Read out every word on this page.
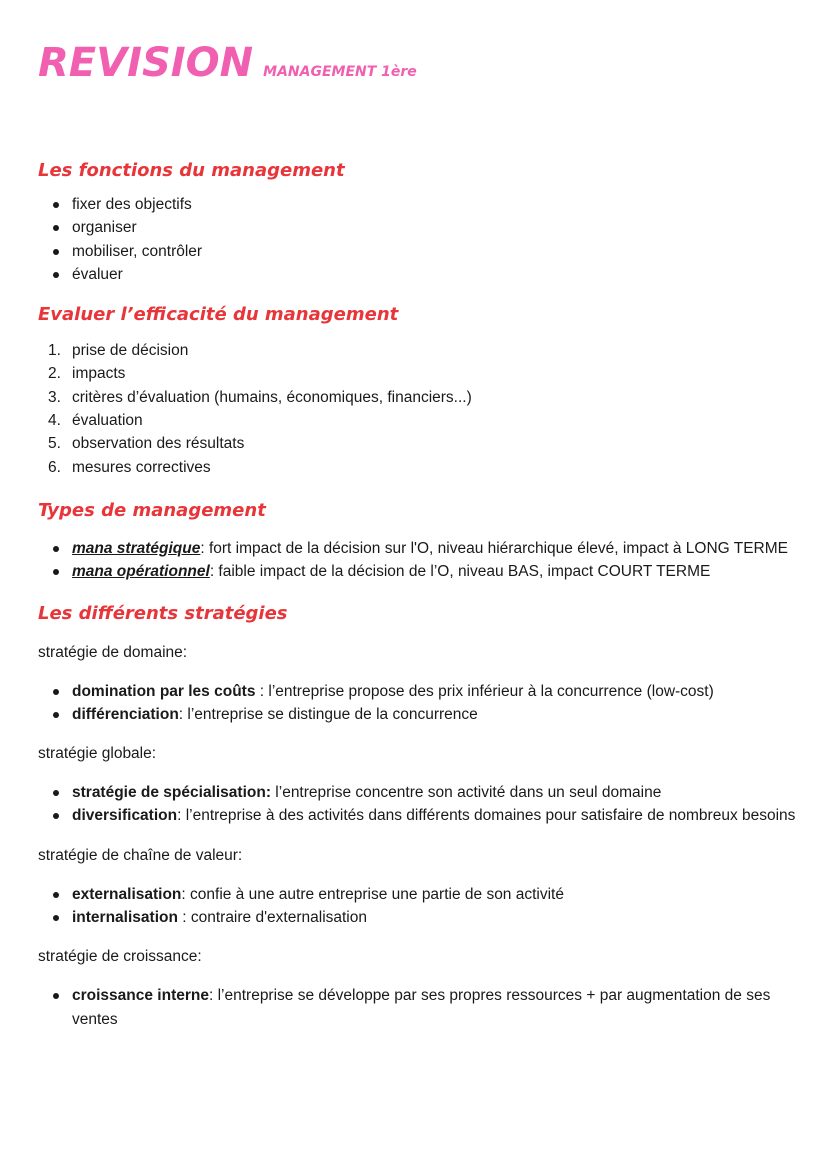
REVISION MANAGEMENT 1ère
Les fonctions du management
fixer des objectifs
organiser
mobiliser, contrôler
évaluer
Evaluer l’efficacité du management
1. prise de décision
2. impacts
3. critères d’évaluation (humains, économiques, financiers...)
4. évaluation
5. observation des résultats
6. mesures correctives
Types de management
mana stratégique: fort impact de la décision sur l'O, niveau hiérarchique élevé, impact à LONG TERME
mana opérationnel: faible impact de la décision de l’O, niveau BAS, impact COURT TERME
Les différents stratégies

stratégie de domaine:

domination par les coûts : l’entreprise propose des prix inférieur à la concurrence (low-cost)
différenciation: l’entreprise se distingue de la concurrence

stratégie globale:

stratégie de spécialisation: l’entreprise concentre son activité dans un seul domaine
diversification: l’entreprise à des activités dans différents domaines pour satisfaire de nombreux besoins

stratégie de chaîne de valeur:

externalisation: confie à une autre entreprise une partie de son activité
internalisation : contraire d'externalisation

stratégie de croissance:

croissance interne: l’entreprise se développe par ses propres ressources + par augmentation de ses ventes
